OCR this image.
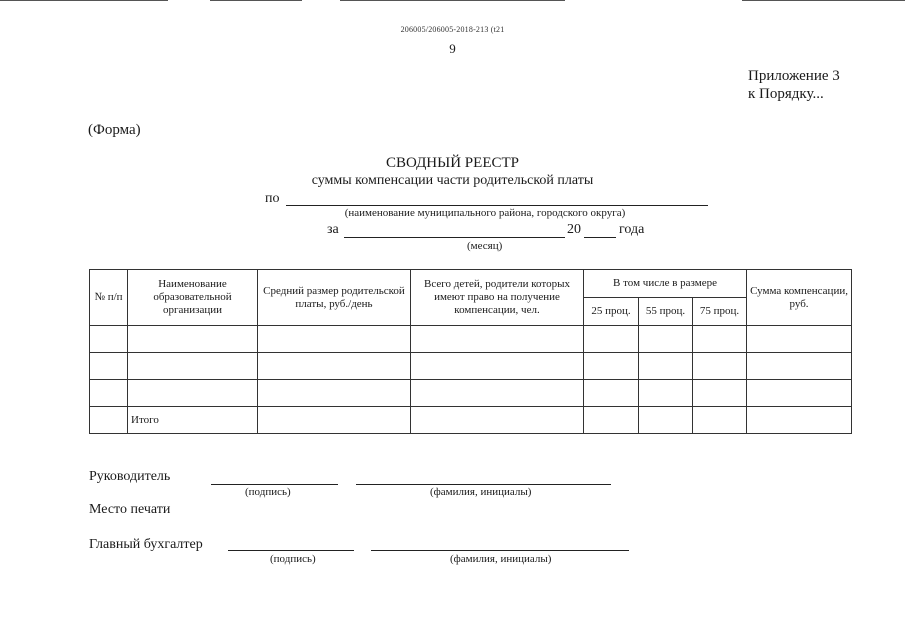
206005/206005-2018-213 (t21
9
Приложение 3
к Порядку...
(Форма)
СВОДНЫЙ РЕЕСТР
суммы компенсации части родительской платы
по
(наименование муниципального района, городского округа)
за	20	года
(месяц)
№ п/п	Наименование образовательной организации	Средний размер родительской платы, руб./день	Всего детей, родители которых имеют право на получение компенсации, чел.	В том числе в размере			Сумма компенсации, руб.
				25 проц.	55 проц.	75 проц.	

	Итого						
Руководитель
(подпись)	(фамилия, инициалы)
Место печати
Главный бухгалтер
(подпись)	(фамилия, инициалы)
